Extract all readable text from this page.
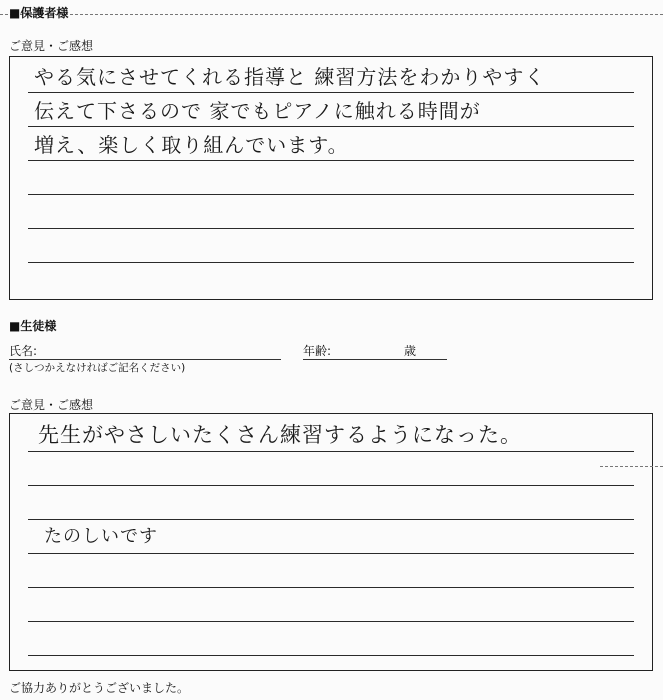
■保護者様
ご意見・ご感想
やる気にさせてくれる指導と 練習方法をわかりやすく
伝えて下さるので 家でもピアノに触れる時間が
増え、楽しく取り組んでいます。
■生徒様
氏名:
(さしつかえなければご記名ください)
年齢:	歳
ご意見・ご感想
先生がやさしいたくさん練習するようになった。
たのしいです
ご協力ありがとうございました。
